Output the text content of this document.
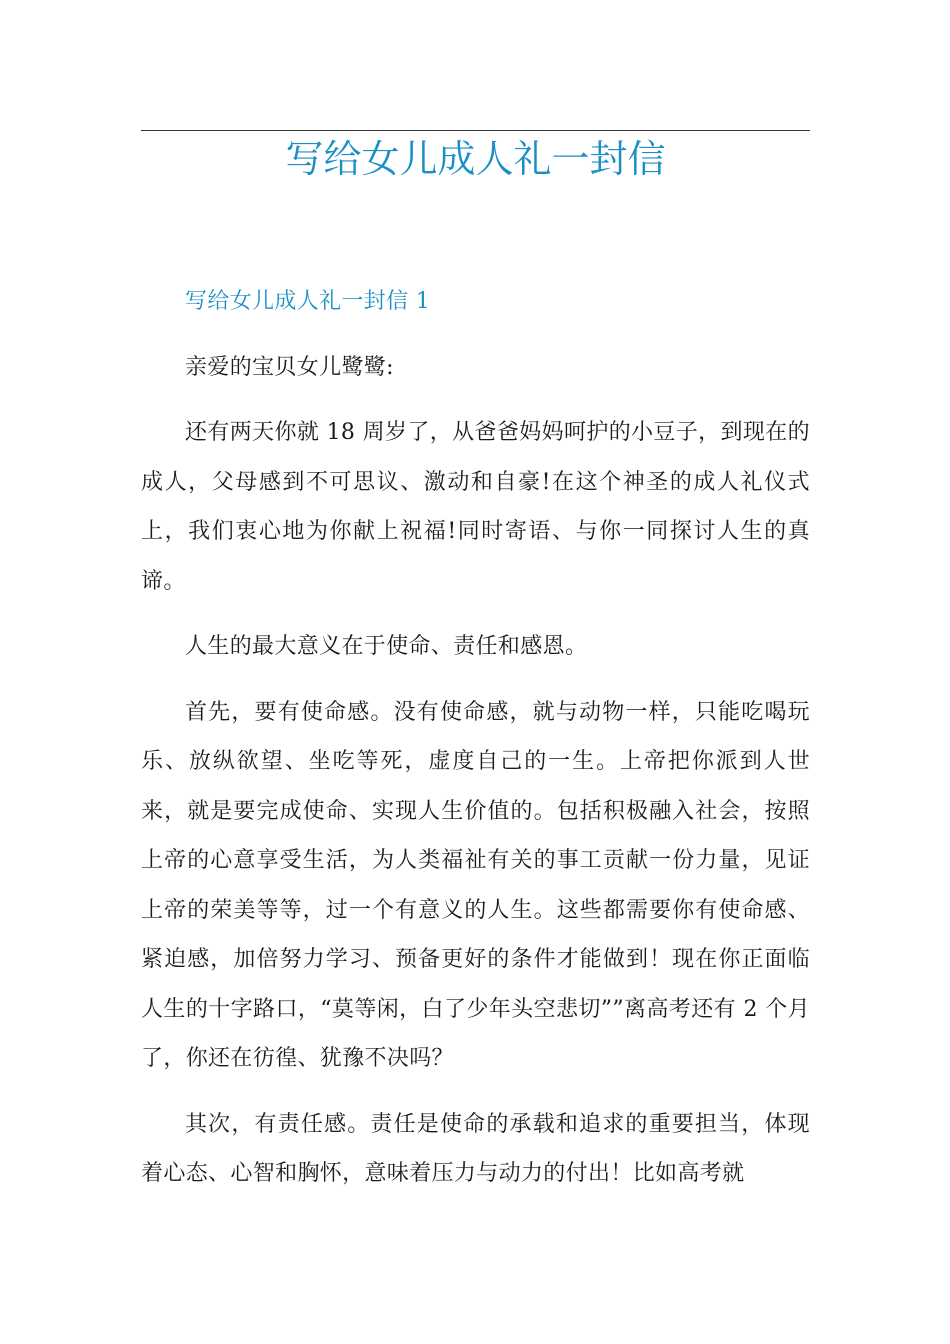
写给女儿成人礼一封信

写给女儿成人礼一封信 1

亲爱的宝贝女儿鹭鹭:

还有两天你就 18 周岁了，从爸爸妈妈呵护的小豆子，到现在的成人，父母感到不可思议、激动和自豪!在这个神圣的成人礼仪式上，我们衷心地为你献上祝福!同时寄语、与你一同探讨人生的真谛。

人生的最大意义在于使命、责任和感恩。

首先，要有使命感。没有使命感，就与动物一样，只能吃喝玩乐、放纵欲望、坐吃等死，虚度自己的一生。上帝把你派到人世来，就是要完成使命、实现人生价值的。包括积极融入社会，按照上帝的心意享受生活，为人类福祉有关的事工贡献一份力量，见证上帝的荣美等等，过一个有意义的人生。这些都需要你有使命感、紧迫感，加倍努力学习、预备更好的条件才能做到！现在你正面临人生的十字路口，“莫等闲，白了少年头空悲切””离高考还有 2 个月了，你还在彷徨、犹豫不决吗？

其次，有责任感。责任是使命的承载和追求的重要担当，体现着心态、心智和胸怀，意味着压力与动力的付出！比如高考就
